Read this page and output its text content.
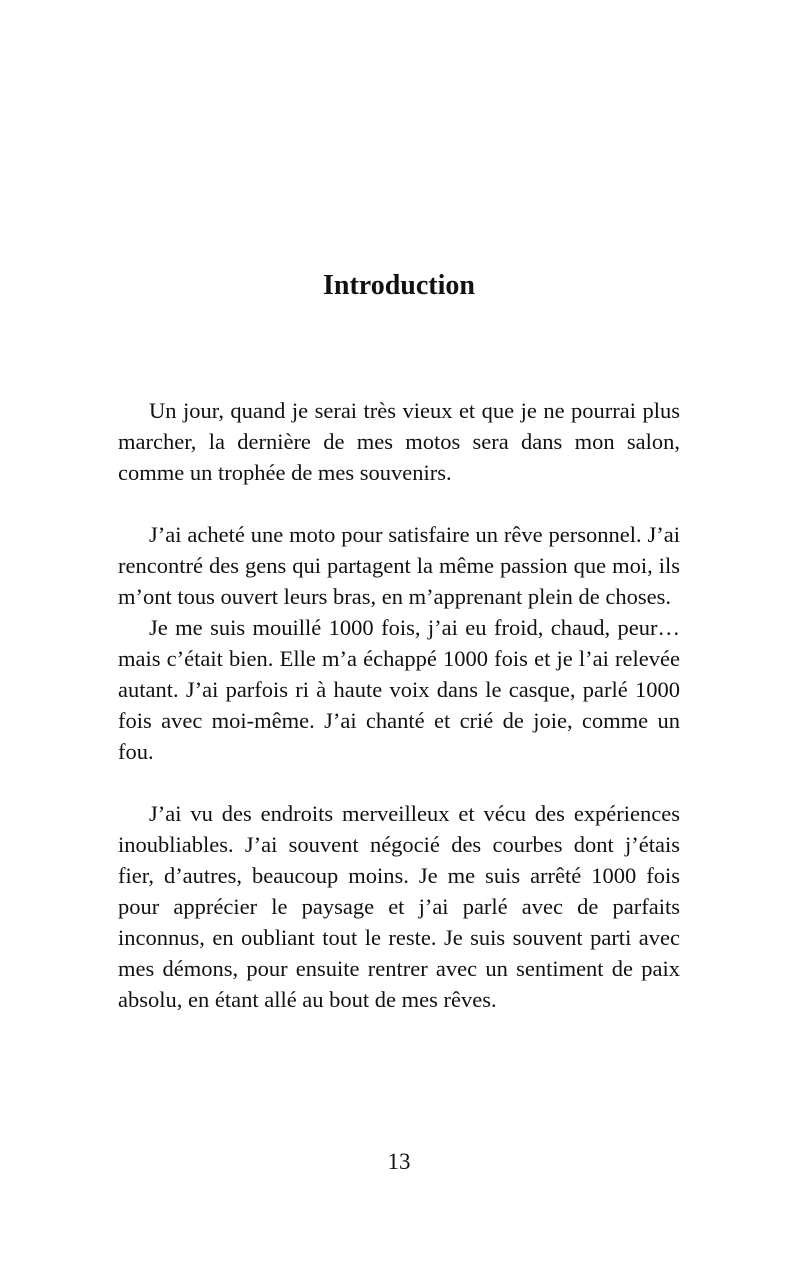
Introduction

Un jour, quand je serai très vieux et que je ne pourrai plus marcher, la dernière de mes motos sera dans mon salon, comme un trophée de mes souvenirs.

J’ai acheté une moto pour satisfaire un rêve personnel. J’ai rencontré des gens qui partagent la même passion que moi, ils m’ont tous ouvert leurs bras, en m’apprenant plein de choses.

Je me suis mouillé 1000 fois, j’ai eu froid, chaud, peur… mais c’était bien. Elle m’a échappé 1000 fois et je l’ai relevée autant. J’ai parfois ri à haute voix dans le casque, parlé 1000 fois avec moi-même. J’ai chanté et crié de joie, comme un fou.

J’ai vu des endroits merveilleux et vécu des expériences inoubliables. J’ai souvent négocié des courbes dont j’étais fier, d’autres, beaucoup moins. Je me suis arrêté 1000 fois pour apprécier le paysage et j’ai parlé avec de parfaits inconnus, en oubliant tout le reste. Je suis souvent parti avec mes démons, pour ensuite rentrer avec un sentiment de paix absolu, en étant allé au bout de mes rêves.

13
